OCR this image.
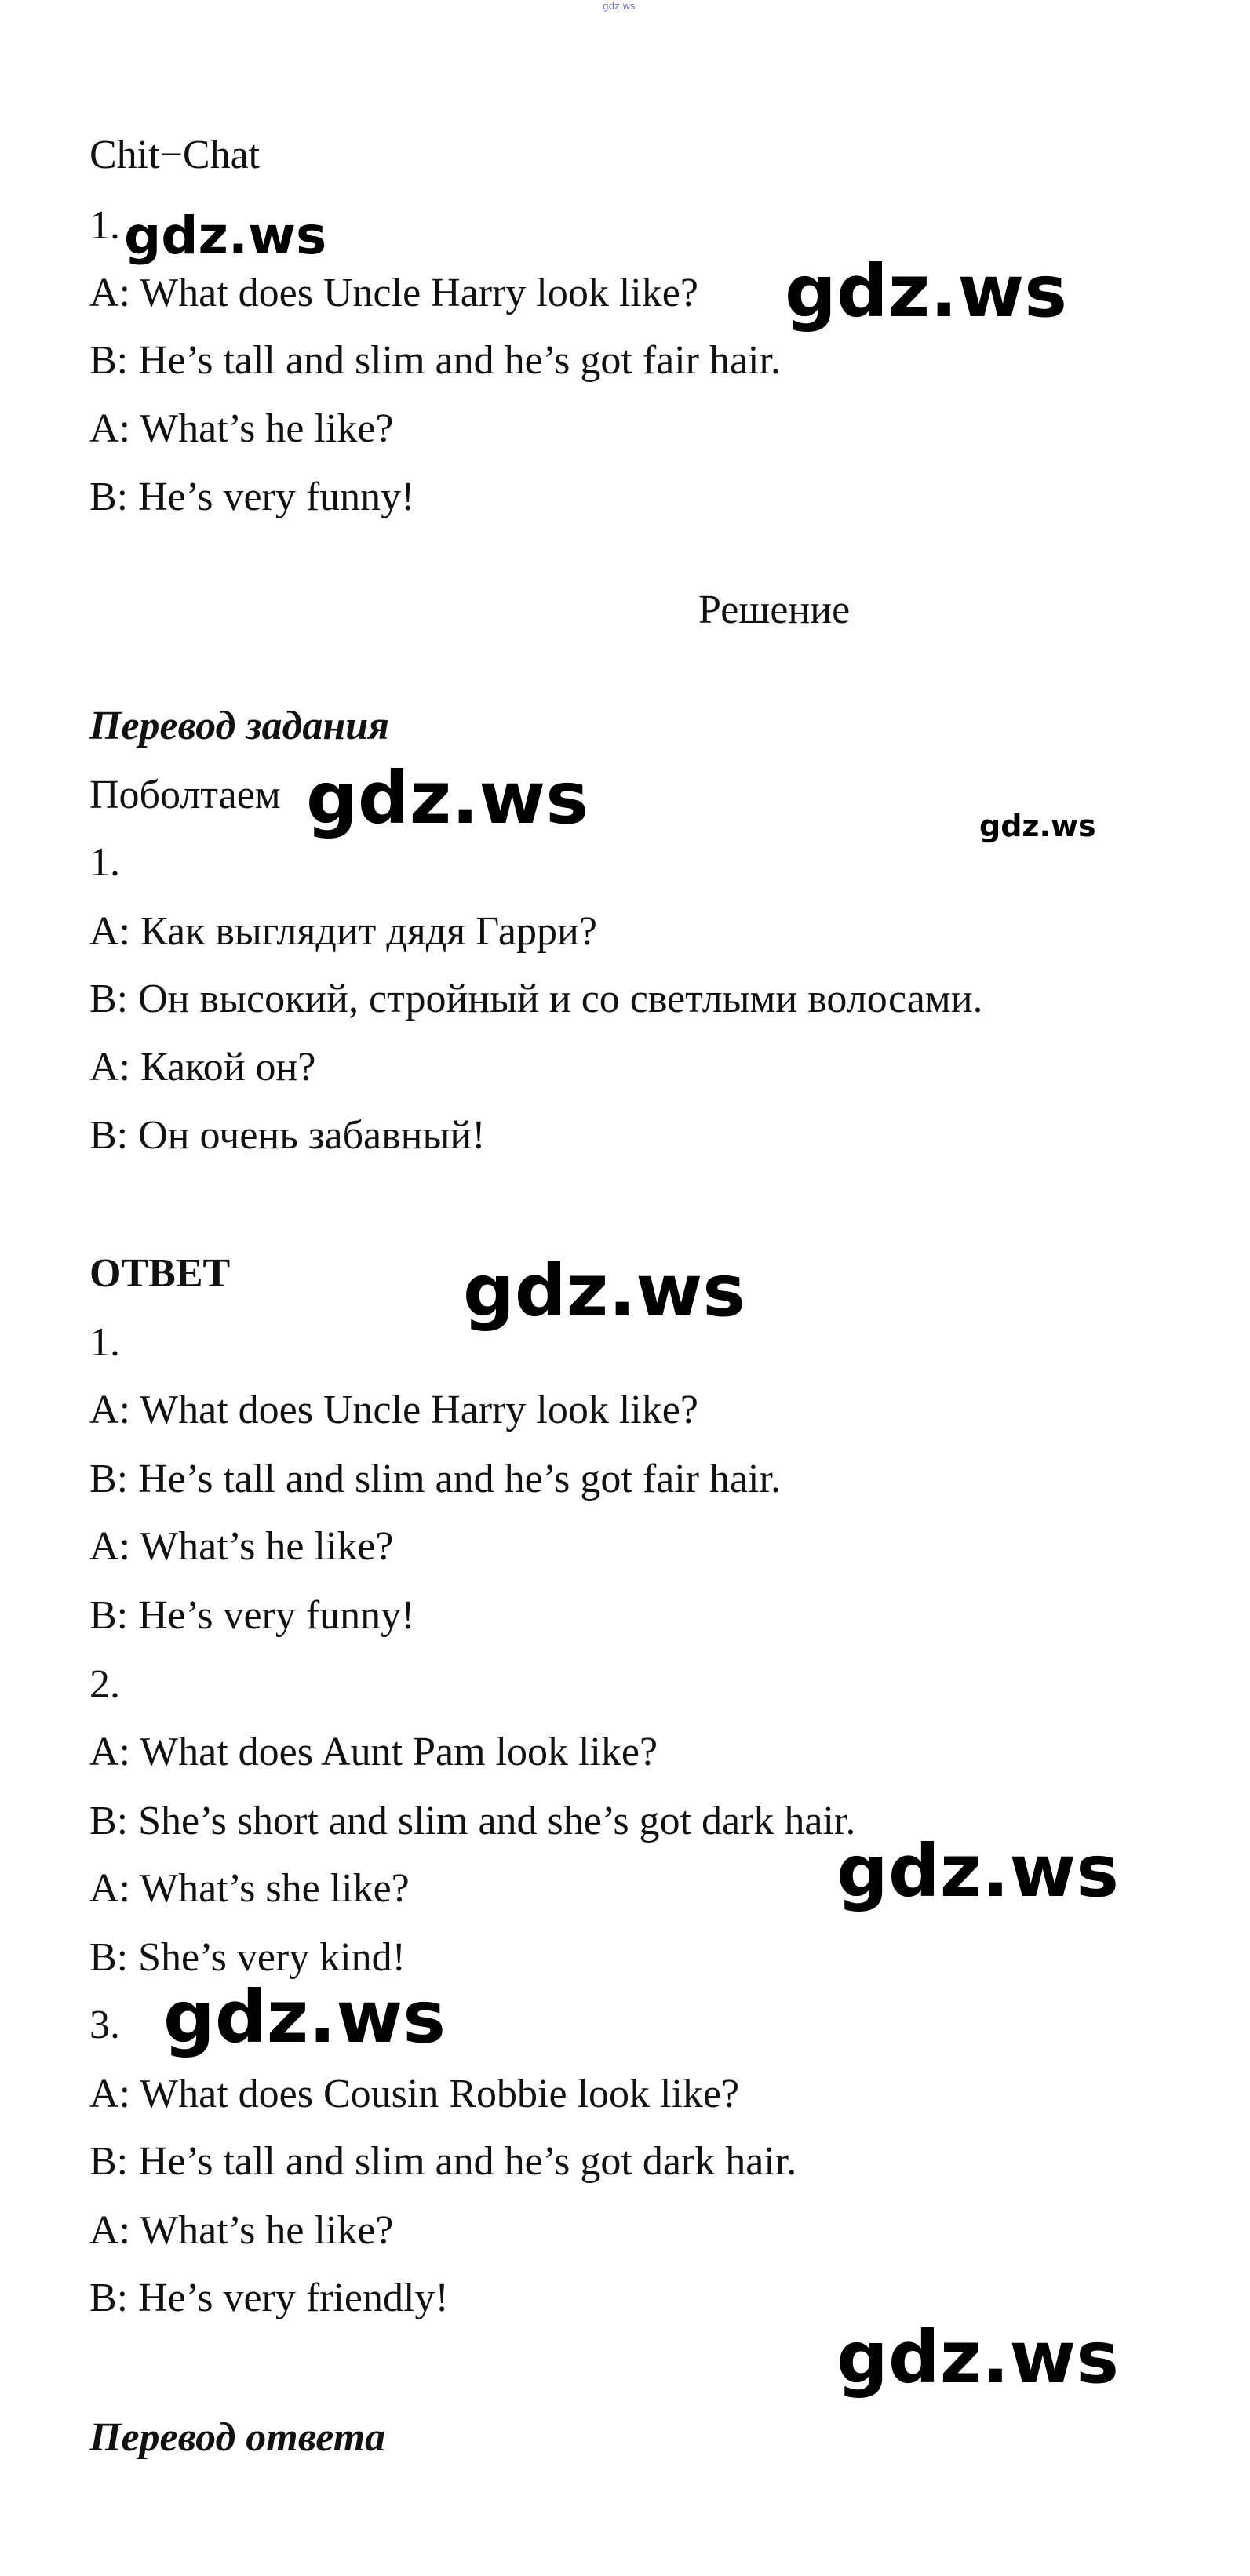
gdz.ws
gdz.ws
gdz.ws
gdz.ws	gdz.ws
gdz.ws
gdz.ws
gdz.ws
gdz.ws
Chit−Chat
1.
A: What does Uncle Harry look like?
B: He’s tall and slim and he’s got fair hair.
A: What’s he like?
B: He’s very funny!
Решение
Перевод задания
Поболтаем
1.
A: Как выглядит дядя Гарри?
B: Он высокий, стройный и со светлыми волосами.
A: Какой он?
B: Он очень забавный!
ОТВЕТ
1.
A: What does Uncle Harry look like?
B: He’s tall and slim and he’s got fair hair.
A: What’s he like?
B: He’s very funny!
2.
A: What does Aunt Pam look like?
B: She’s short and slim and she’s got dark hair.
A: What’s she like?
B: She’s very kind!
3.
A: What does Cousin Robbie look like?
B: He’s tall and slim and he’s got dark hair.
A: What’s he like?
B: He’s very friendly!
Перевод ответа
